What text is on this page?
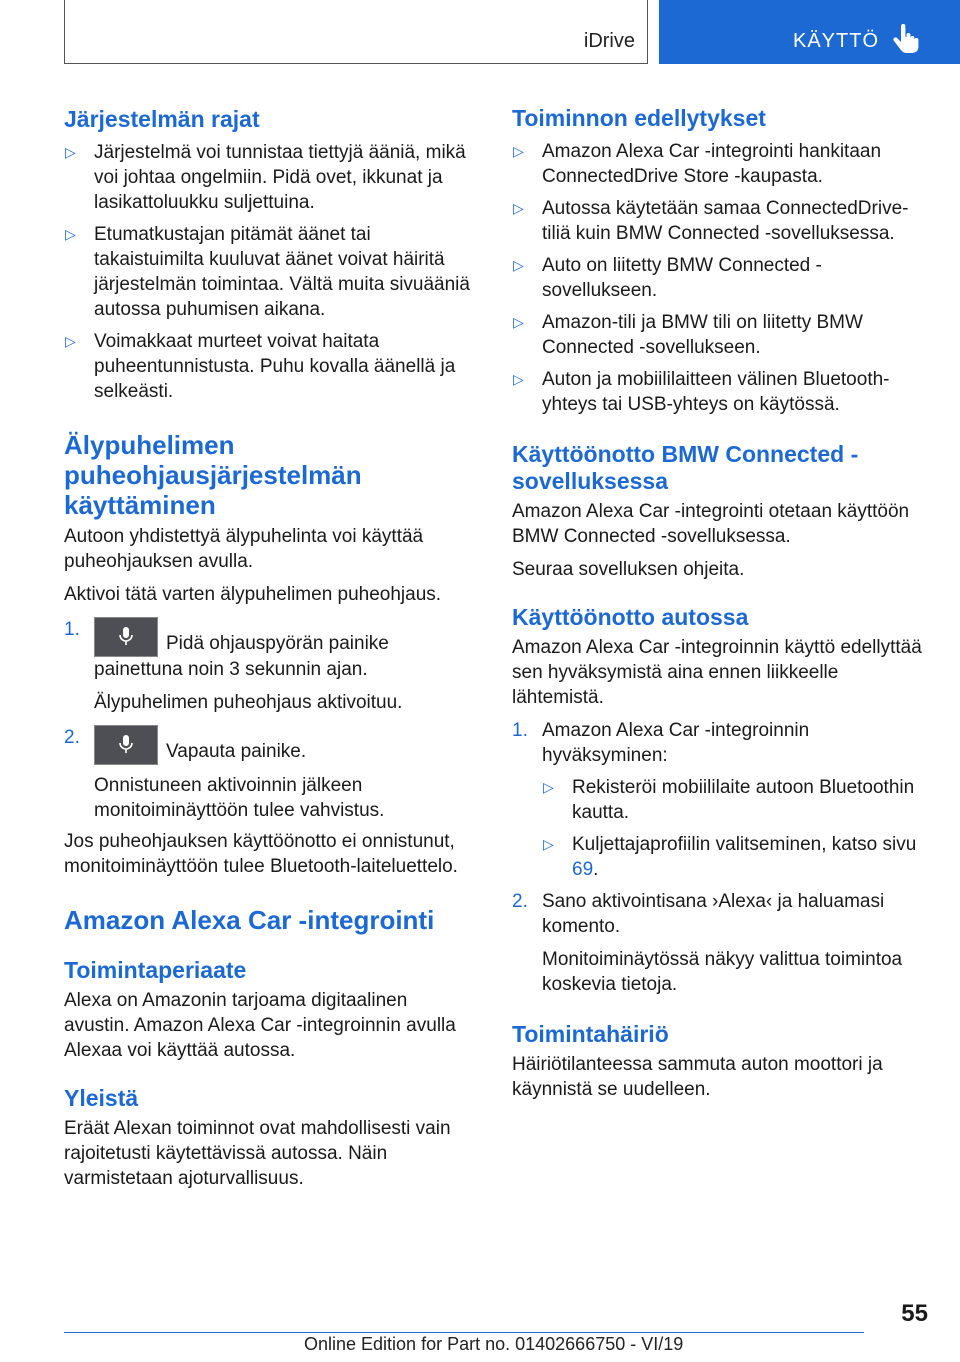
iDrive	KÄYTTÖ
Järjestelmän rajat
▷ Järjestelmä voi tunnistaa tiettyjä ääniä, mikä voi johtaa ongelmiin. Pidä ovet, ikkunat ja lasikattoluukku suljettuina.
▷ Etumatkustajan pitämät äänet tai takaistuimilta kuuluvat äänet voivat häiritä järjestelmän toimintaa. Vältä muita sivuääniä autossa puhumisen aikana.
▷ Voimakkaat murteet voivat haitata puheentunnistusta. Puhu kovalla äänellä ja selkeästi.
Älypuhelimen puheohjausjärjestelmän käyttäminen

Autoon yhdistettyä älypuhelinta voi käyttää puheohjauksen avulla.

Aktivoi tätä varten älypuhelimen puheohjaus.

1.
Pidä ohjauspyörän painike painettuna noin 3 sekunnin ajan.

Älypuhelimen puheohjaus aktivoituu.

2.
Vapauta painike.

Onnistuneen aktivoinnin jälkeen monitoiminäyttöön tulee vahvistus.

Jos puheohjauksen käyttöönotto ei onnistunut, monitoiminäyttöön tulee Bluetooth-laiteluettelo.

Amazon Alexa Car -integrointi
Toimintaperiaate

Alexa on Amazonin tarjoama digitaalinen avustin. Amazon Alexa Car -integroinnin avulla Alexaa voi käyttää autossa.

Yleistä

Eräät Alexan toiminnot ovat mahdollisesti vain rajoitetusti käytettävissä autossa. Näin varmistetaan ajoturvallisuus.

Toiminnon edellytykset
▷ Amazon Alexa Car -integrointi hankitaan ConnectedDrive Store -kaupasta.
▷ Autossa käytetään samaa ConnectedDrive-tiliä kuin BMW Connected -sovelluksessa.
▷ Auto on liitetty BMW Connected -sovellukseen.
▷ Amazon-tili ja BMW tili on liitetty BMW Connected -sovellukseen.
▷ Auton ja mobiililaitteen välinen Bluetooth-yhteys tai USB-yhteys on käytössä.
Käyttöönotto BMW Connected -sovelluksessa

Amazon Alexa Car -integrointi otetaan käyttöön BMW Connected -sovelluksessa.

Seuraa sovelluksen ohjeita.

Käyttöönotto autossa

Amazon Alexa Car -integroinnin käyttö edellyttää sen hyväksymistä aina ennen liikkeelle lähtemistä.

1. Amazon Alexa Car -integroinnin hyväksyminen:
▷ Rekisteröi mobiililaite autoon Bluetoothin kautta.
▷ Kuljettajaprofiilin valitseminen, katso sivu 69.
2. Sano aktivointisana ›Alexa‹ ja haluamasi komento.

Monitoiminäytössä näkyy valittua toimintoa koskevia tietoja.

Toimintahäiriö

Häiriötilanteessa sammuta auton moottori ja käynnistä se uudelleen.

55
Online Edition for Part no. 01402666750 - VI/19
